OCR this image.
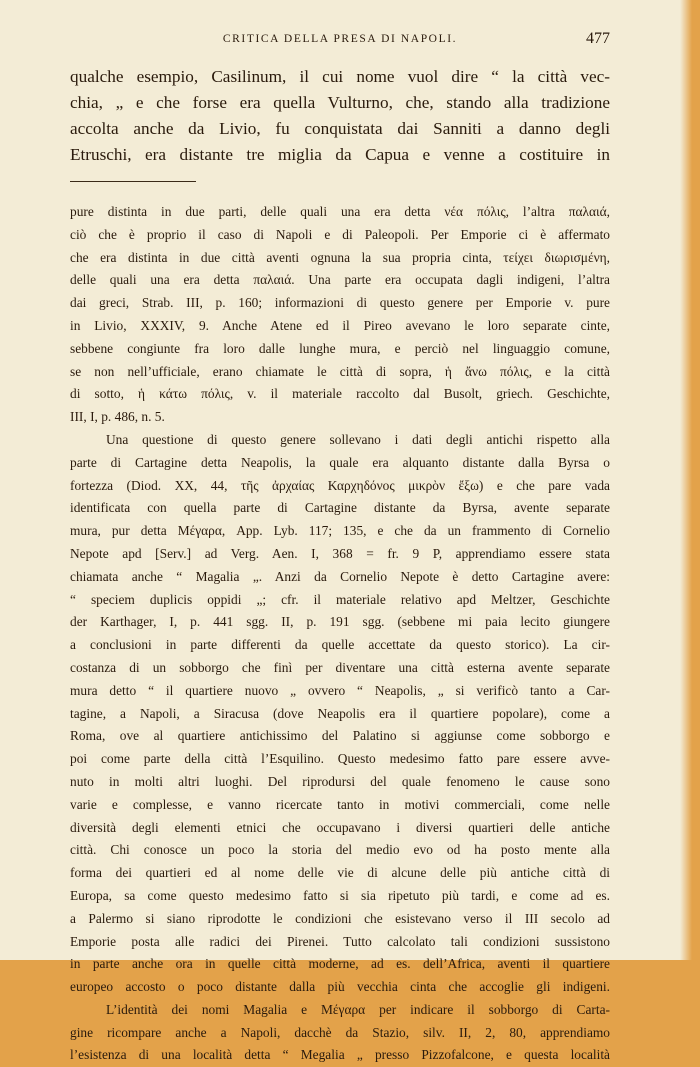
CRITICA DELLA PRESA DI NAPOLI.	477
qualche esempio, Casilinum, il cui nome vuol dire “ la città vec-
chia, „ e che forse era quella Vulturno, che, stando alla tradizione
accolta anche da Livio, fu conquistata dai Sanniti a danno degli
Etruschi, era distante tre miglia da Capua e venne a costituire in
pure distinta in due parti, delle quali una era detta νέα πόλις, l’altra παλαιά,
ciò che è proprio il caso di Napoli e di Paleopoli. Per Emporie ci è affermato
che era distinta in due città aventi ognuna la sua propria cinta, τείχει διωρισμένη,
delle quali una era detta παλαιά. Una parte era occupata dagli indigeni, l’altra
dai greci, Strab. III, p. 160; informazioni di questo genere per Emporie v. pure
in Livio, XXXIV, 9. Anche Atene ed il Pireo avevano le loro separate cinte,
sebbene congiunte fra loro dalle lunghe mura, e perciò nel linguaggio comune,
se non nell’ufficiale, erano chiamate le città di sopra, ἡ ἄνω πόλις, e la città
di sotto, ἡ κάτω πόλις, v. il materiale raccolto dal Busolt, griech. Geschichte,
III, I, p. 486, n. 5.
Una questione di questo genere sollevano i dati degli antichi rispetto alla
parte di Cartagine detta Neapolis, la quale era alquanto distante dalla Byrsa o
fortezza (Diod. XX, 44, τῆς ἀρχαίας Καρχηδόνος μικρὸν ἔξω) e che pare vada
identificata con quella parte di Cartagine distante da Byrsa, avente separate
mura, pur detta Μέγαρα, App. Lyb. 117; 135, e che da un frammento di Cornelio
Nepote apd [Serv.] ad Verg. Aen. I, 368 = fr. 9 P, apprendiamo essere stata
chiamata anche “ Magalia „. Anzi da Cornelio Nepote è detto Cartagine avere:
“ speciem duplicis oppidi „; cfr. il materiale relativo apd Meltzer, Geschichte
der Karthager, I, p. 441 sgg. II, p. 191 sgg. (sebbene mi paia lecito giungere
a conclusioni in parte differenti da quelle accettate da questo storico). La cir-
costanza di un sobborgo che finì per diventare una città esterna avente separate
mura detto “ il quartiere nuovo „ ovvero “ Neapolis, „ si verificò tanto a Car-
tagine, a Napoli, a Siracusa (dove Neapolis era il quartiere popolare), come a
Roma, ove al quartiere antichissimo del Palatino si aggiunse come sobborgo e
poi come parte della città l’Esquilino. Questo medesimo fatto pare essere avve-
nuto in molti altri luoghi. Del riprodursi del quale fenomeno le cause sono
varie e complesse, e vanno ricercate tanto in motivi commerciali, come nelle
diversità degli elementi etnici che occupavano i diversi quartieri delle antiche
città. Chi conosce un poco la storia del medio evo od ha posto mente alla
forma dei quartieri ed al nome delle vie di alcune delle più antiche città di
Europa, sa come questo medesimo fatto si sia ripetuto più tardi, e come ad es.
a Palermo si siano riprodotte le condizioni che esistevano verso il III secolo ad
Emporie posta alle radici dei Pirenei. Tutto calcolato tali condizioni sussistono
in parte anche ora in quelle città moderne, ad es. dell’Africa, aventi il quartiere
europeo accosto o poco distante dalla più vecchia cinta che accoglie gli indigeni.
L’identità dei nomi Magalia e Μέγαρα per indicare il sobborgo di Carta-
gine ricompare anche a Napoli, dacchè da Stazio, silv. II, 2, 80, apprendiamo
l’esistenza di una località detta “ Megalia „ presso Pizzofalcone, e questa località
